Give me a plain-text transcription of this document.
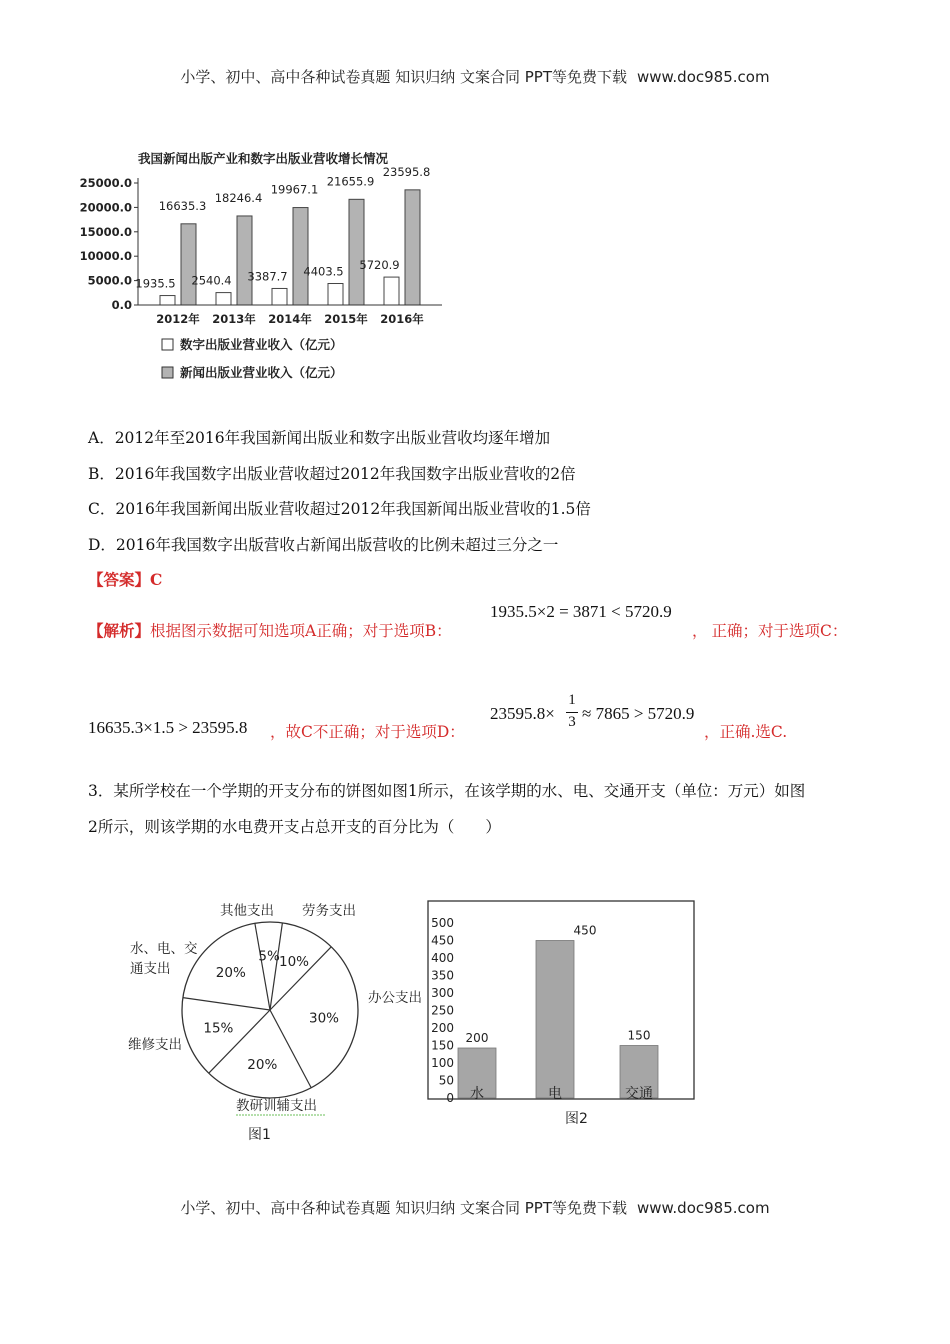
小学、初中、高中各种试卷真题 知识归纳 文案合同 PPT等免费下载 www.doc985.com
我国新闻出版产业和数字出版业营收增长情况
25000.0
20000.0
15000.0
10000.0
5000.0
0.0
1935.5
16635.3
2540.4
18246.4
3387.7
19967.1
4403.5
21655.9
5720.9
23595.8
2012年 2013年 2014年 2015年 2016年
数字出版业营业收入（亿元）
新闻出版业营业收入（亿元）
A．2012年至2016年我国新闻出版业和数字出版业营收均逐年增加
B．2016年我国数字出版业营收超过2012年我国数字出版业营收的2倍
C．2016年我国新闻出版业营收超过2012年我国新闻出版业营收的1.5倍
D．2016年我国数字出版营收占新闻出版营收的比例未超过三分之一
【答案】C
【解析】根据图示数据可知选项A正确；对于选项B：
1935.5×2 = 3871 < 5720.9
， 正确；对于选项C：
16635.3×1.5 > 23595.8 ，故C不正确；对于选项D：
23595.8×
1
3 ≈ 7865 > 5720.9
，正确.选C.
3．某所学校在一个学期的开支分布的饼图如图1所示，在该学期的水、电、交通开支（单位：万元）如图
2所示，则该学期的水电费开支占总开支的百分比为（　　）
5% 10%
30%
20%
15%
20%
其他支出 劳务支出
水、电、交
通支出
维修支出
教研训辅支出
图1
办公支出
500
450
400
350
300
250
200
150
100
50
0
200
450
150
水	电	交通
图2
小学、初中、高中各种试卷真题 知识归纳 文案合同 PPT等免费下载 www.doc985.com
